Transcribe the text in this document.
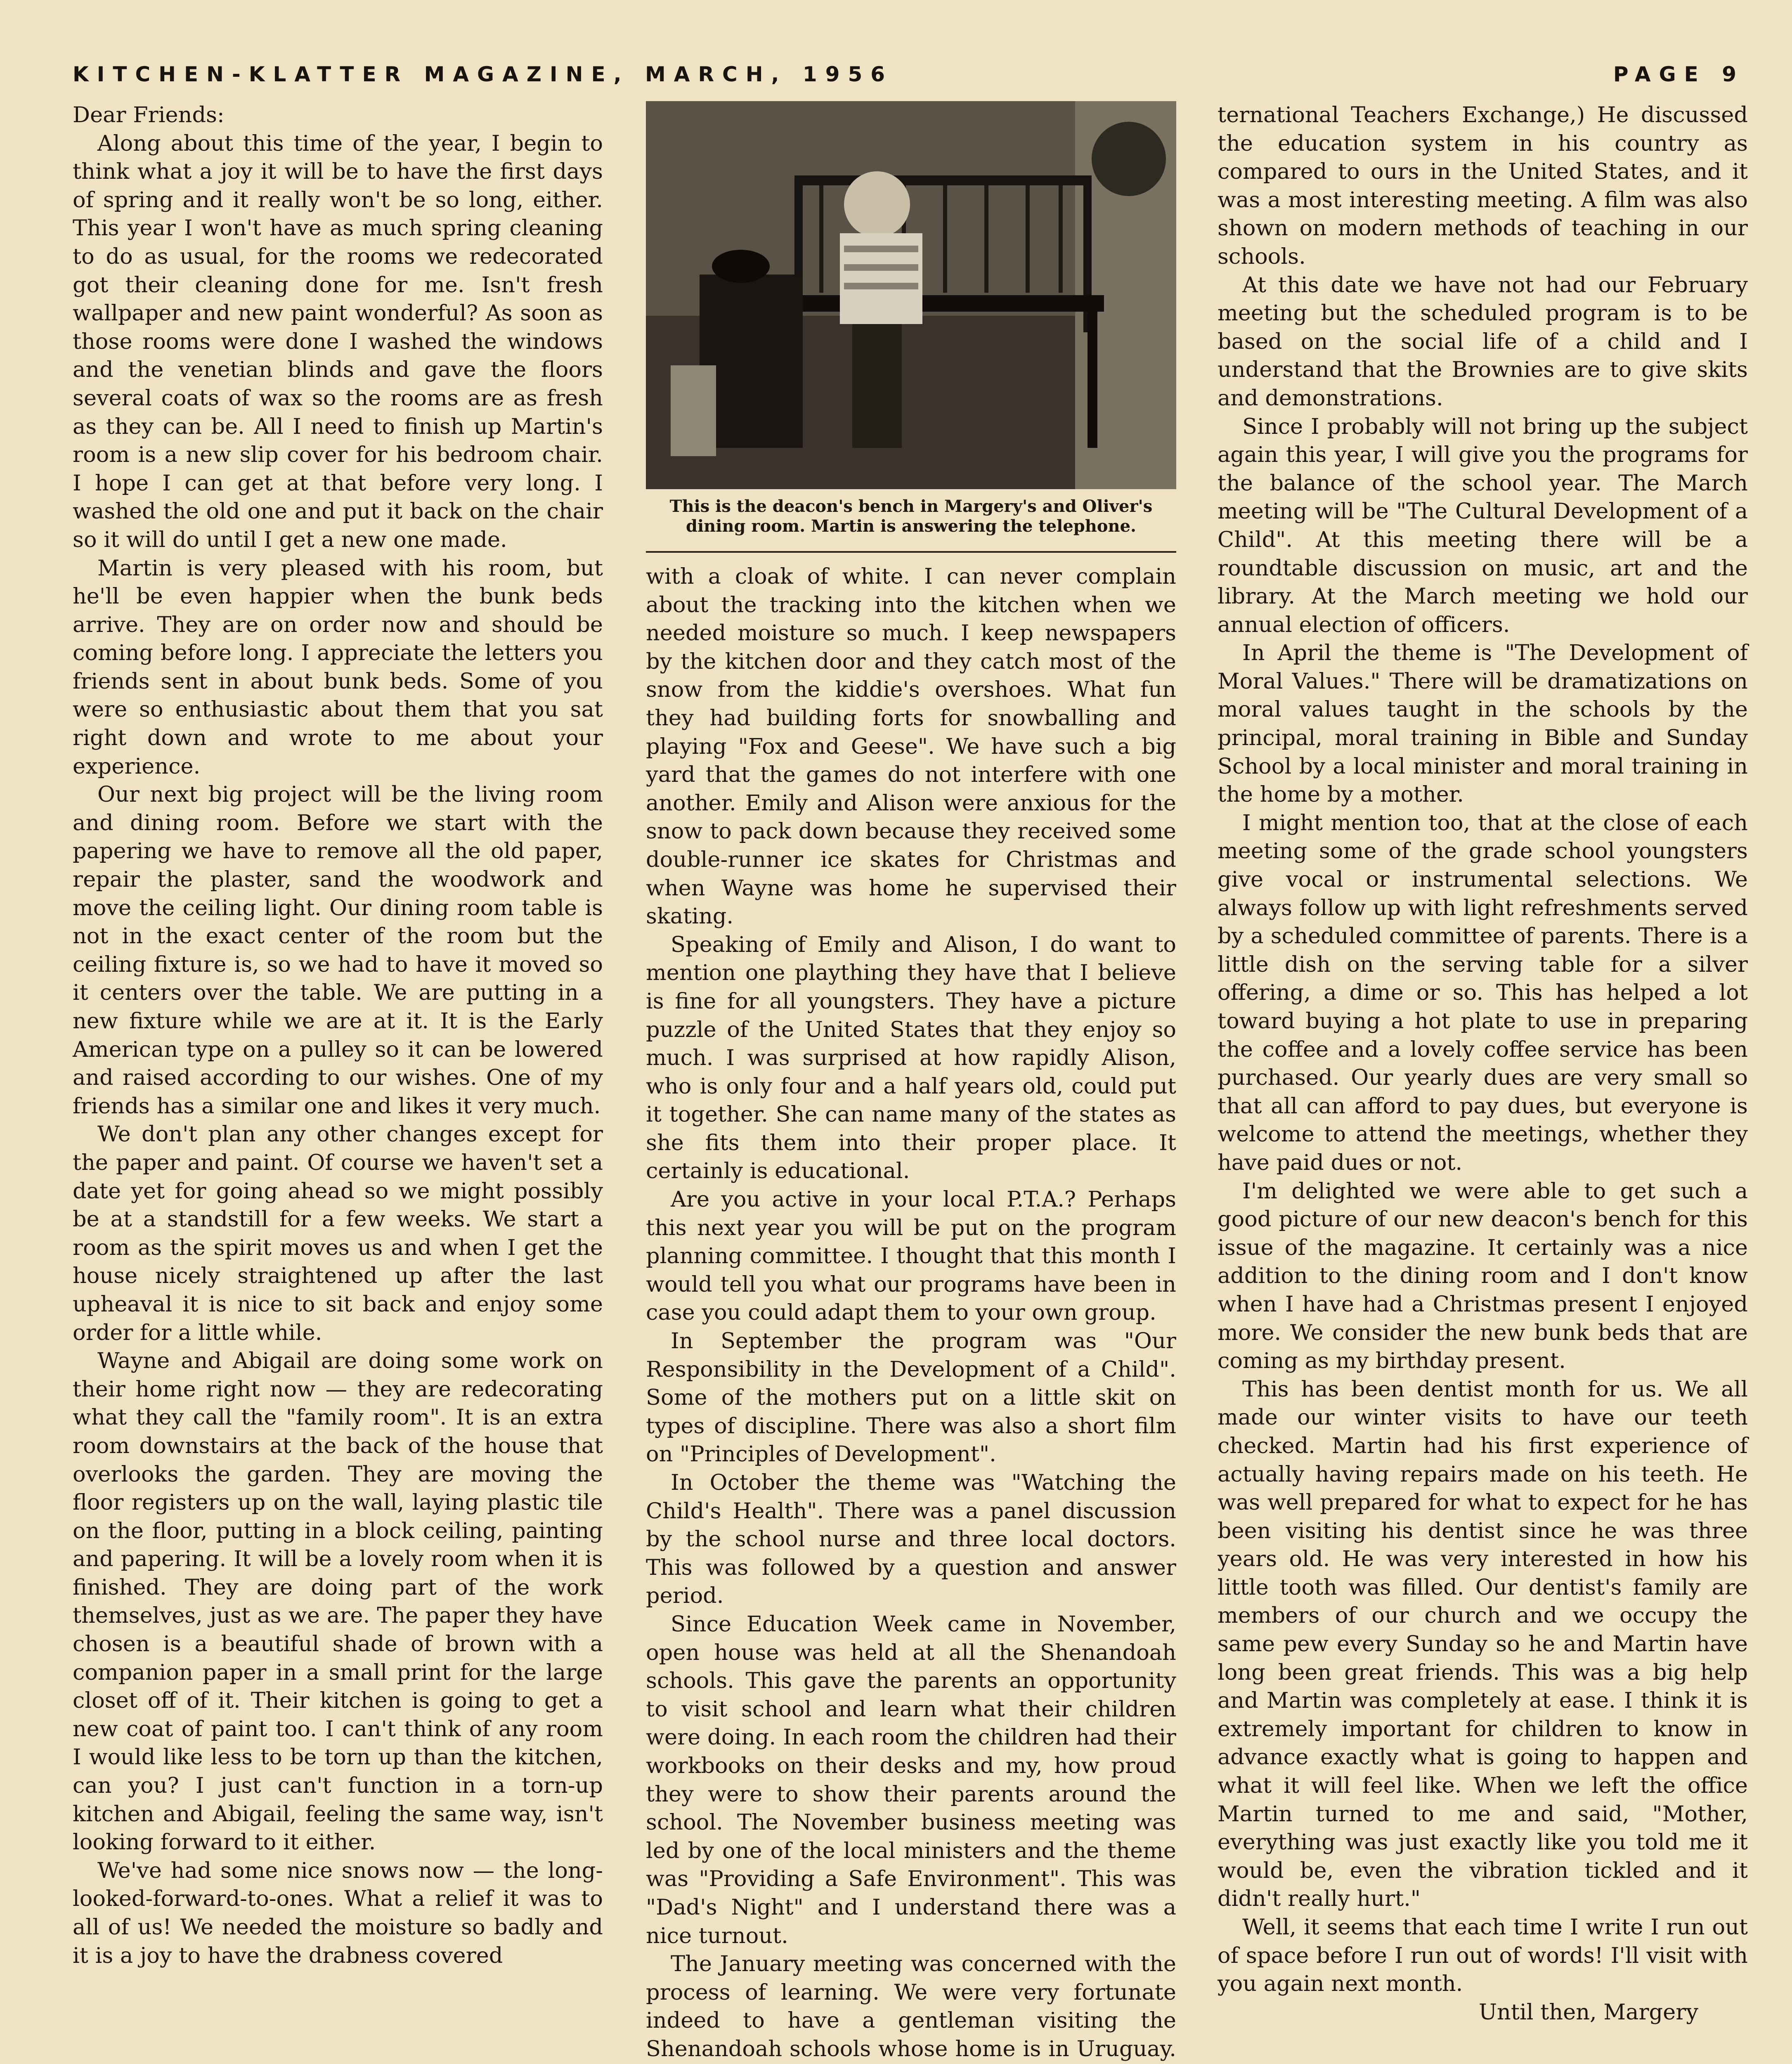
KITCHEN-KLATTER MAGAZINE, MARCH, 1956	PAGE 9

Dear Friends:

Along about this time of the year, I begin to think what a joy it will be to have the first days of spring and it really won't be so long, either. This year I won't have as much spring cleaning to do as usual, for the rooms we redecorated got their cleaning done for me. Isn't fresh wallpaper and new paint wonderful? As soon as those rooms were done I washed the windows and the venetian blinds and gave the floors several coats of wax so the rooms are as fresh as they can be. All I need to finish up Martin's room is a new slip cover for his bedroom chair. I hope I can get at that before very long. I washed the old one and put it back on the chair so it will do until I get a new one made.

Martin is very pleased with his room, but he'll be even happier when the bunk beds arrive. They are on order now and should be coming before long. I appreciate the letters you friends sent in about bunk beds. Some of you were so enthusiastic about them that you sat right down and wrote to me about your experience.

Our next big project will be the living room and dining room. Before we start with the papering we have to remove all the old paper, repair the plaster, sand the woodwork and move the ceiling light. Our dining room table is not in the exact center of the room but the ceiling fixture is, so we had to have it moved so it centers over the table. We are putting in a new fixture while we are at it. It is the Early American type on a pulley so it can be lowered and raised according to our wishes. One of my friends has a similar one and likes it very much.

We don't plan any other changes except for the paper and paint. Of course we haven't set a date yet for going ahead so we might possibly be at a standstill for a few weeks. We start a room as the spirit moves us and when I get the house nicely straightened up after the last upheaval it is nice to sit back and enjoy some order for a little while.

Wayne and Abigail are doing some work on their home right now — they are redecorating what they call the "family room". It is an extra room downstairs at the back of the house that overlooks the garden. They are moving the floor registers up on the wall, laying plastic tile on the floor, putting in a block ceiling, painting and papering. It will be a lovely room when it is finished. They are doing part of the work themselves, just as we are. The paper they have chosen is a beautiful shade of brown with a companion paper in a small print for the large closet off of it. Their kitchen is going to get a new coat of paint too. I can't think of any room I would like less to be torn up than the kitchen, can you? I just can't function in a torn-up kitchen and Abigail, feeling the same way, isn't looking forward to it either.

We've had some nice snows now — the long-looked-forward-to-ones. What a relief it was to all of us! We needed the moisture so badly and it is a joy to have the drabness covered

This is the deacon's bench in Margery's and Oliver's dining room. Martin is answering the telephone.

with a cloak of white. I can never complain about the tracking into the kitchen when we needed moisture so much. I keep newspapers by the kitchen door and they catch most of the snow from the kiddie's overshoes. What fun they had building forts for snowballing and playing "Fox and Geese". We have such a big yard that the games do not interfere with one another. Emily and Alison were anxious for the snow to pack down because they received some double-runner ice skates for Christmas and when Wayne was home he supervised their skating.

Speaking of Emily and Alison, I do want to mention one plaything they have that I believe is fine for all youngsters. They have a picture puzzle of the United States that they enjoy so much. I was surprised at how rapidly Alison, who is only four and a half years old, could put it together. She can name many of the states as she fits them into their proper place. It certainly is educational.

Are you active in your local P.T.A.? Perhaps this next year you will be put on the program planning committee. I thought that this month I would tell you what our programs have been in case you could adapt them to your own group.

In September the program was "Our Responsibility in the Development of a Child". Some of the mothers put on a little skit on types of discipline. There was also a short film on "Principles of Development".

In October the theme was "Watching the Child's Health". There was a panel discussion by the school nurse and three local doctors. This was followed by a question and answer period.

Since Education Week came in November, open house was held at all the Shenandoah schools. This gave the parents an opportunity to visit school and learn what their children were doing. In each room the children had their workbooks on their desks and my, how proud they were to show their parents around the school. The November business meeting was led by one of the local ministers and the theme was "Providing a Safe Environment". This was "Dad's Night" and I understand there was a nice turnout.

The January meeting was concerned with the process of learning. We were very fortunate indeed to have a gentleman visiting the Shenandoah schools whose home is in Uruguay.

ternational Teachers Exchange,) He discussed the education system in his country as compared to ours in the United States, and it was a most interesting meeting. A film was also shown on modern methods of teaching in our schools.

At this date we have not had our February meeting but the scheduled program is to be based on the social life of a child and I understand that the Brownies are to give skits and demonstrations.

Since I probably will not bring up the subject again this year, I will give you the programs for the balance of the school year. The March meeting will be "The Cultural Development of a Child". At this meeting there will be a roundtable discussion on music, art and the library. At the March meeting we hold our annual election of officers.

In April the theme is "The Development of Moral Values." There will be dramatizations on moral values taught in the schools by the principal, moral training in Bible and Sunday School by a local minister and moral training in the home by a mother.

I might mention too, that at the close of each meeting some of the grade school youngsters give vocal or instrumental selections. We always follow up with light refreshments served by a scheduled committee of parents. There is a little dish on the serving table for a silver offering, a dime or so. This has helped a lot toward buying a hot plate to use in preparing the coffee and a lovely coffee service has been purchased. Our yearly dues are very small so that all can afford to pay dues, but everyone is welcome to attend the meetings, whether they have paid dues or not.

I'm delighted we were able to get such a good picture of our new deacon's bench for this issue of the magazine. It certainly was a nice addition to the dining room and I don't know when I have had a Christmas present I enjoyed more. We consider the new bunk beds that are coming as my birthday present.

This has been dentist month for us. We all made our winter visits to have our teeth checked. Martin had his first experience of actually having repairs made on his teeth. He was well prepared for what to expect for he has been visiting his dentist since he was three years old. He was very interested in how his little tooth was filled. Our dentist's family are members of our church and we occupy the same pew every Sunday so he and Martin have long been great friends. This was a big help and Martin was completely at ease. I think it is extremely important for children to know in advance exactly what is going to happen and what it will feel like. When we left the office Martin turned to me and said, "Mother, everything was just exactly like you told me it would be, even the vibration tickled and it didn't really hurt."

Well, it seems that each time I write I run out of space before I run out of words! I'll visit with you again next month.

Until then, Margery
